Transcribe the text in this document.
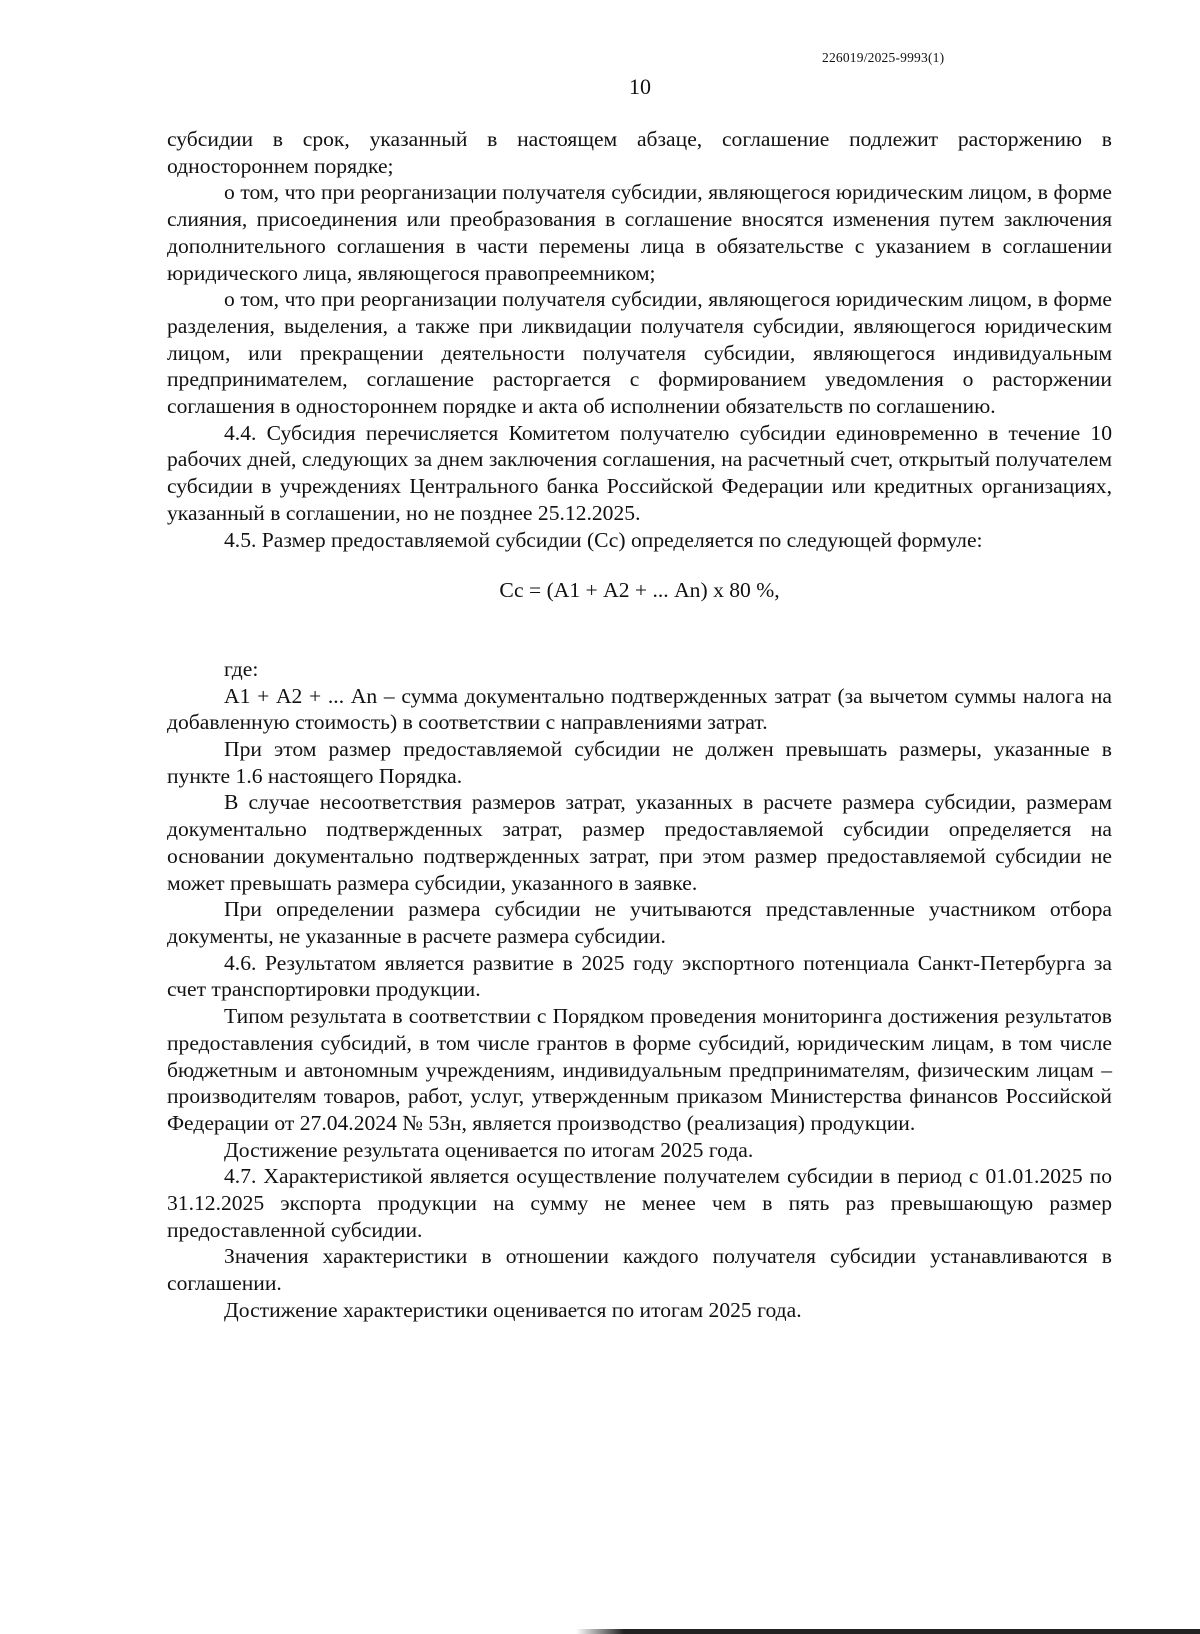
226019/2025-9993(1)
10

субсидии в срок, указанный в настоящем абзаце, соглашение подлежит расторжению в одностороннем порядке;

о том, что при реорганизации получателя субсидии, являющегося юридическим лицом, в форме слияния, присоединения или преобразования в соглашение вносятся изменения путем заключения дополнительного соглашения в части перемены лица в обязательстве с указанием в соглашении юридического лица, являющегося правопреемником;

о том, что при реорганизации получателя субсидии, являющегося юридическим лицом, в форме разделения, выделения, а также при ликвидации получателя субсидии, являющегося юридическим лицом, или прекращении деятельности получателя субсидии, являющегося индивидуальным предпринимателем, соглашение расторгается с формированием уведомления о расторжении соглашения в одностороннем порядке и акта об исполнении обязательств по соглашению.

4.4. Субсидия перечисляется Комитетом получателю субсидии единовременно в течение 10 рабочих дней, следующих за днем заключения соглашения, на расчетный счет, открытый получателем субсидии в учреждениях Центрального банка Российской Федерации или кредитных организациях, указанный в соглашении, но не позднее 25.12.2025.

4.5. Размер предоставляемой субсидии (Сс) определяется по следующей формуле:

Сс = (А1 + А2 + ... Аn) х 80 %,

где:

А1 + А2 + ... Аn – сумма документально подтвержденных затрат (за вычетом суммы налога на добавленную стоимость) в соответствии с направлениями затрат.

При этом размер предоставляемой субсидии не должен превышать размеры, указанные в пункте 1.6 настоящего Порядка.

В случае несоответствия размеров затрат, указанных в расчете размера субсидии, размерам документально подтвержденных затрат, размер предоставляемой субсидии определяется на основании документально подтвержденных затрат, при этом размер предоставляемой субсидии не может превышать размера субсидии, указанного в заявке.

При определении размера субсидии не учитываются представленные участником отбора документы, не указанные в расчете размера субсидии.

4.6. Результатом является развитие в 2025 году экспортного потенциала Санкт-Петербурга за счет транспортировки продукции.

Типом результата в соответствии с Порядком проведения мониторинга достижения результатов предоставления субсидий, в том числе грантов в форме субсидий, юридическим лицам, в том числе бюджетным и автономным учреждениям, индивидуальным предпринимателям, физическим лицам – производителям товаров, работ, услуг, утвержденным приказом Министерства финансов Российской Федерации от 27.04.2024 № 53н, является производство (реализация) продукции.

Достижение результата оценивается по итогам 2025 года.

4.7. Характеристикой является осуществление получателем субсидии в период с 01.01.2025 по 31.12.2025 экспорта продукции на сумму не менее чем в пять раз превышающую размер предоставленной субсидии.

Значения характеристики в отношении каждого получателя субсидии устанавливаются в соглашении.

Достижение характеристики оценивается по итогам 2025 года.
